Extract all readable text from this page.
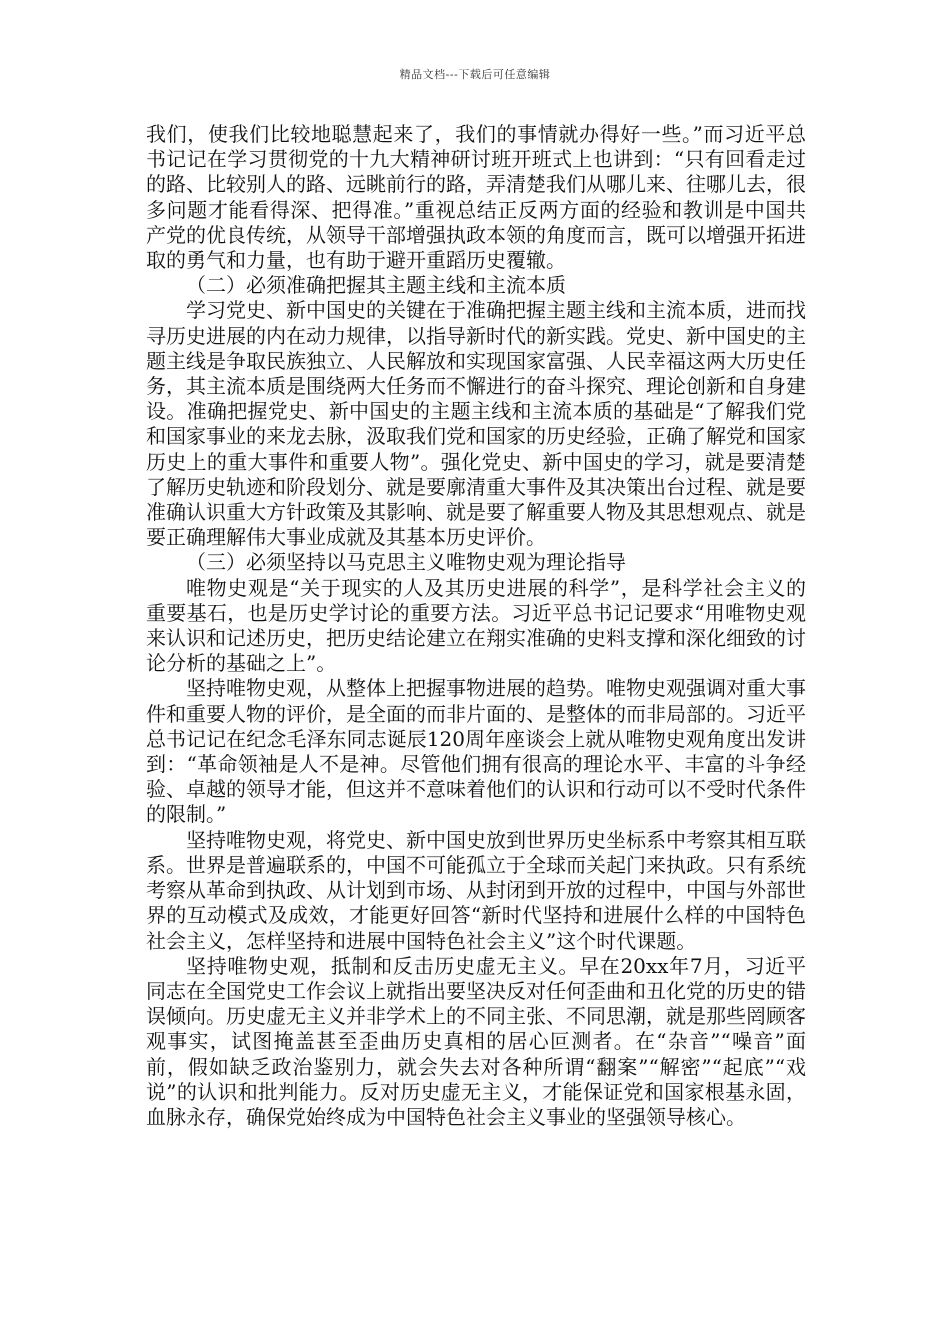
精品文档---下载后可任意编辑

我们，使我们比较地聪慧起来了，我们的事情就办得好一些。”而习近平总书记记在学习贯彻党的十九大精神研讨班开班式上也讲到：“只有回看走过的路、比较别人的路、远眺前行的路，弄清楚我们从哪儿来、往哪儿去，很多问题才能看得深、把得准。”重视总结正反两方面的经验和教训是中国共产党的优良传统，从领导干部增强执政本领的角度而言，既可以增强开拓进取的勇气和力量，也有助于避开重蹈历史覆辙。

（二）必须准确把握其主题主线和主流本质

学习党史、新中国史的关键在于准确把握主题主线和主流本质，进而找寻历史进展的内在动力规律，以指导新时代的新实践。党史、新中国史的主题主线是争取民族独立、人民解放和实现国家富强、人民幸福这两大历史任务，其主流本质是围绕两大任务而不懈进行的奋斗探究、理论创新和自身建设。准确把握党史、新中国史的主题主线和主流本质的基础是“了解我们党和国家事业的来龙去脉，汲取我们党和国家的历史经验，正确了解党和国家历史上的重大事件和重要人物”。强化党史、新中国史的学习，就是要清楚了解历史轨迹和阶段划分、就是要廓清重大事件及其决策出台过程、就是要准确认识重大方针政策及其影响、就是要了解重要人物及其思想观点、就是要正确理解伟大事业成就及其基本历史评价。

（三）必须坚持以马克思主义唯物史观为理论指导

唯物史观是“关于现实的人及其历史进展的科学”，是科学社会主义的重要基石，也是历史学讨论的重要方法。习近平总书记记要求“用唯物史观来认识和记述历史，把历史结论建立在翔实准确的史料支撑和深化细致的讨论分析的基础之上”。

坚持唯物史观，从整体上把握事物进展的趋势。唯物史观强调对重大事件和重要人物的评价，是全面的而非片面的、是整体的而非局部的。习近平总书记记在纪念毛泽东同志诞辰120周年座谈会上就从唯物史观角度出发讲到：“革命领袖是人不是神。尽管他们拥有很高的理论水平、丰富的斗争经验、卓越的领导才能，但这并不意味着他们的认识和行动可以不受时代条件的限制。”

坚持唯物史观，将党史、新中国史放到世界历史坐标系中考察其相互联系。世界是普遍联系的，中国不可能孤立于全球而关起门来执政。只有系统考察从革命到执政、从计划到市场、从封闭到开放的过程中，中国与外部世界的互动模式及成效，才能更好回答“新时代坚持和进展什么样的中国特色社会主义，怎样坚持和进展中国特色社会主义”这个时代课题。

坚持唯物史观，抵制和反击历史虚无主义。早在20xx年7月，习近平同志在全国党史工作会议上就指出要坚决反对任何歪曲和丑化党的历史的错误倾向。历史虚无主义并非学术上的不同主张、不同思潮，就是那些罔顾客观事实，试图掩盖甚至歪曲历史真相的居心叵测者。在“杂音”“噪音”面前，假如缺乏政治鉴别力，就会失去对各种所谓“翻案”“解密”“起底”“戏说”的认识和批判能力。反对历史虚无主义，才能保证党和国家根基永固，血脉永存，确保党始终成为中国特色社会主义事业的坚强领导核心。
